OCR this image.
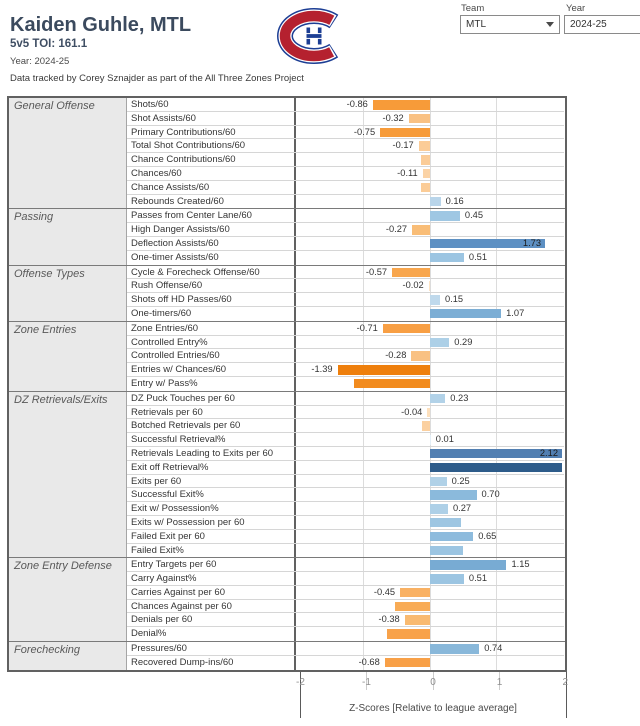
Kaiden Guhle, MTL
5v5 TOI: 161.1
Year: 2024-25
Data tracked by Corey Sznajder as part of the All Three Zones Project
Team	Year
MTL	2024-25
General Offense	Shots/60	-0.86
Shot Assists/60	-0.32
Primary Contributions/60	-0.75
Total Shot Contributions/60	-0.17
Chance Contributions/60
Chances/60	-0.11
Chance Assists/60
Rebounds Created/60	0.16
Passing	Passes from Center Lane/60	0.45
High Danger Assists/60	-0.27
Deflection Assists/60	1.73
One-timer Assists/60	0.51
Offense Types	Cycle & Forecheck Offense/60	-0.57
Rush Offense/60	-0.02
Shots off HD Passes/60	0.15
One-timers/60	1.07
Zone Entries	Zone Entries/60	-0.71
Controlled Entry%	0.29
Controlled Entries/60	-0.28
Entries w/ Chances/60	-1.39
Entry w/ Pass%
DZ Retrievals/Exits	DZ Puck Touches per 60	0.23
Retrievals per 60	-0.04
Botched Retrievals per 60
Successful Retrieval%	0.01
Retrievals Leading to Exits per 60	2.12
Exit off Retrieval%
Exits per 60	0.25
Successful Exit%	0.70
Exit w/ Possession%	0.27
Exits w/ Possession per 60
Failed Exit per 60	0.65
Failed Exit%
Zone Entry Defense	Entry Targets per 60	1.15
Carry Against%	0.51
Carries Against per 60	-0.45
Chances Against per 60
Denials per 60	-0.38
Denial%
Forechecking	Pressures/60	0.74
Recovered Dump-ins/60	-0.68
-2	-1	0	1	2
Z-Scores [Relative to league average]
